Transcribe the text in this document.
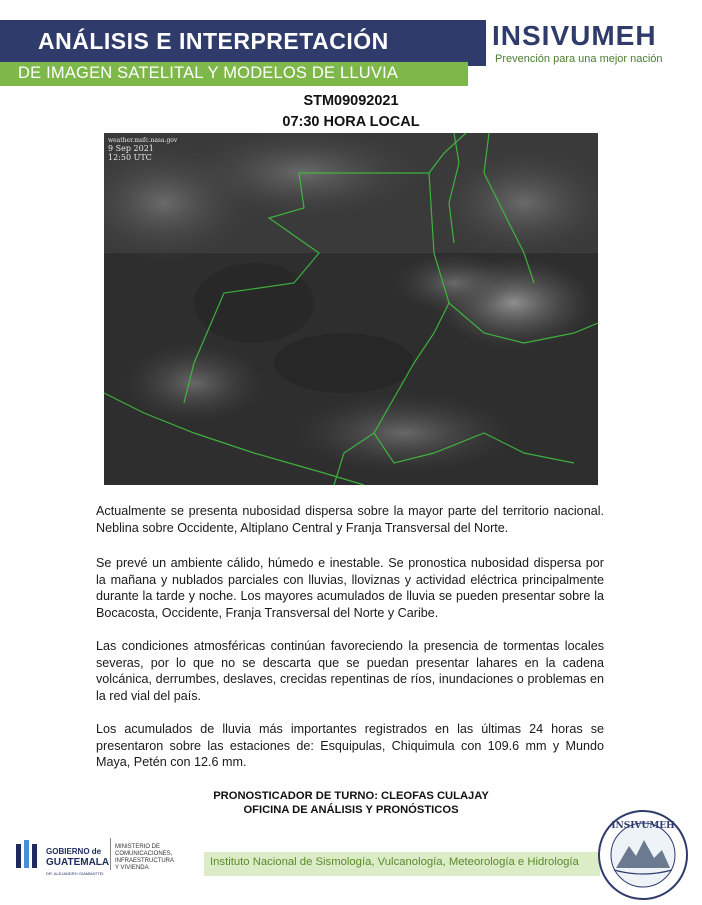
ANÁLISIS E INTERPRETACIÓN
DE IMAGEN SATELITAL Y MODELOS DE LLUVIA
INSIVUMEH
Prevención para una mejor nación
STM09092021
07:30 HORA LOCAL
weather.msfc.nasa.gov
9 Sep 2021
12:50 UTC
Actualmente se presenta nubosidad dispersa sobre la mayor parte del territorio nacional. Neblina sobre Occidente, Altiplano Central y Franja Transversal del Norte.
Se prevé un ambiente cálido, húmedo e inestable. Se pronostica nubosidad dispersa por la mañana y nublados parciales con lluvias, lloviznas y actividad eléctrica principalmente durante la tarde y noche. Los mayores acumulados de lluvia se pueden presentar sobre la Bocacosta, Occidente, Franja Transversal del Norte y Caribe.
Las condiciones atmosféricas continúan favoreciendo la presencia de tormentas locales severas, por lo que no se descarta que se puedan presentar lahares en la cadena volcánica, derrumbes, deslaves, crecidas repentinas de ríos, inundaciones o problemas en la red vial del país.
Los acumulados de lluvia más importantes registrados en las últimas 24 horas se presentaron sobre las estaciones de: Esquipulas, Chiquimula con 109.6 mm y Mundo Maya, Petén con 12.6 mm.
PRONOSTICADOR DE TURNO: CLEOFAS CULAJAY
OFICINA DE ANÁLISIS Y PRONÓSTICOS
GOBIERNO de
GUATEMALA
DR. ALEJANDRO GIAMMATTEI
MINISTERIO DE
COMUNICACIONES,
INFRAESTRUCTURA
Y VIVIENDA	Instituto Nacional de Sismología, Vulcanología, Meteorología e Hidrología
INSIVUMEH
